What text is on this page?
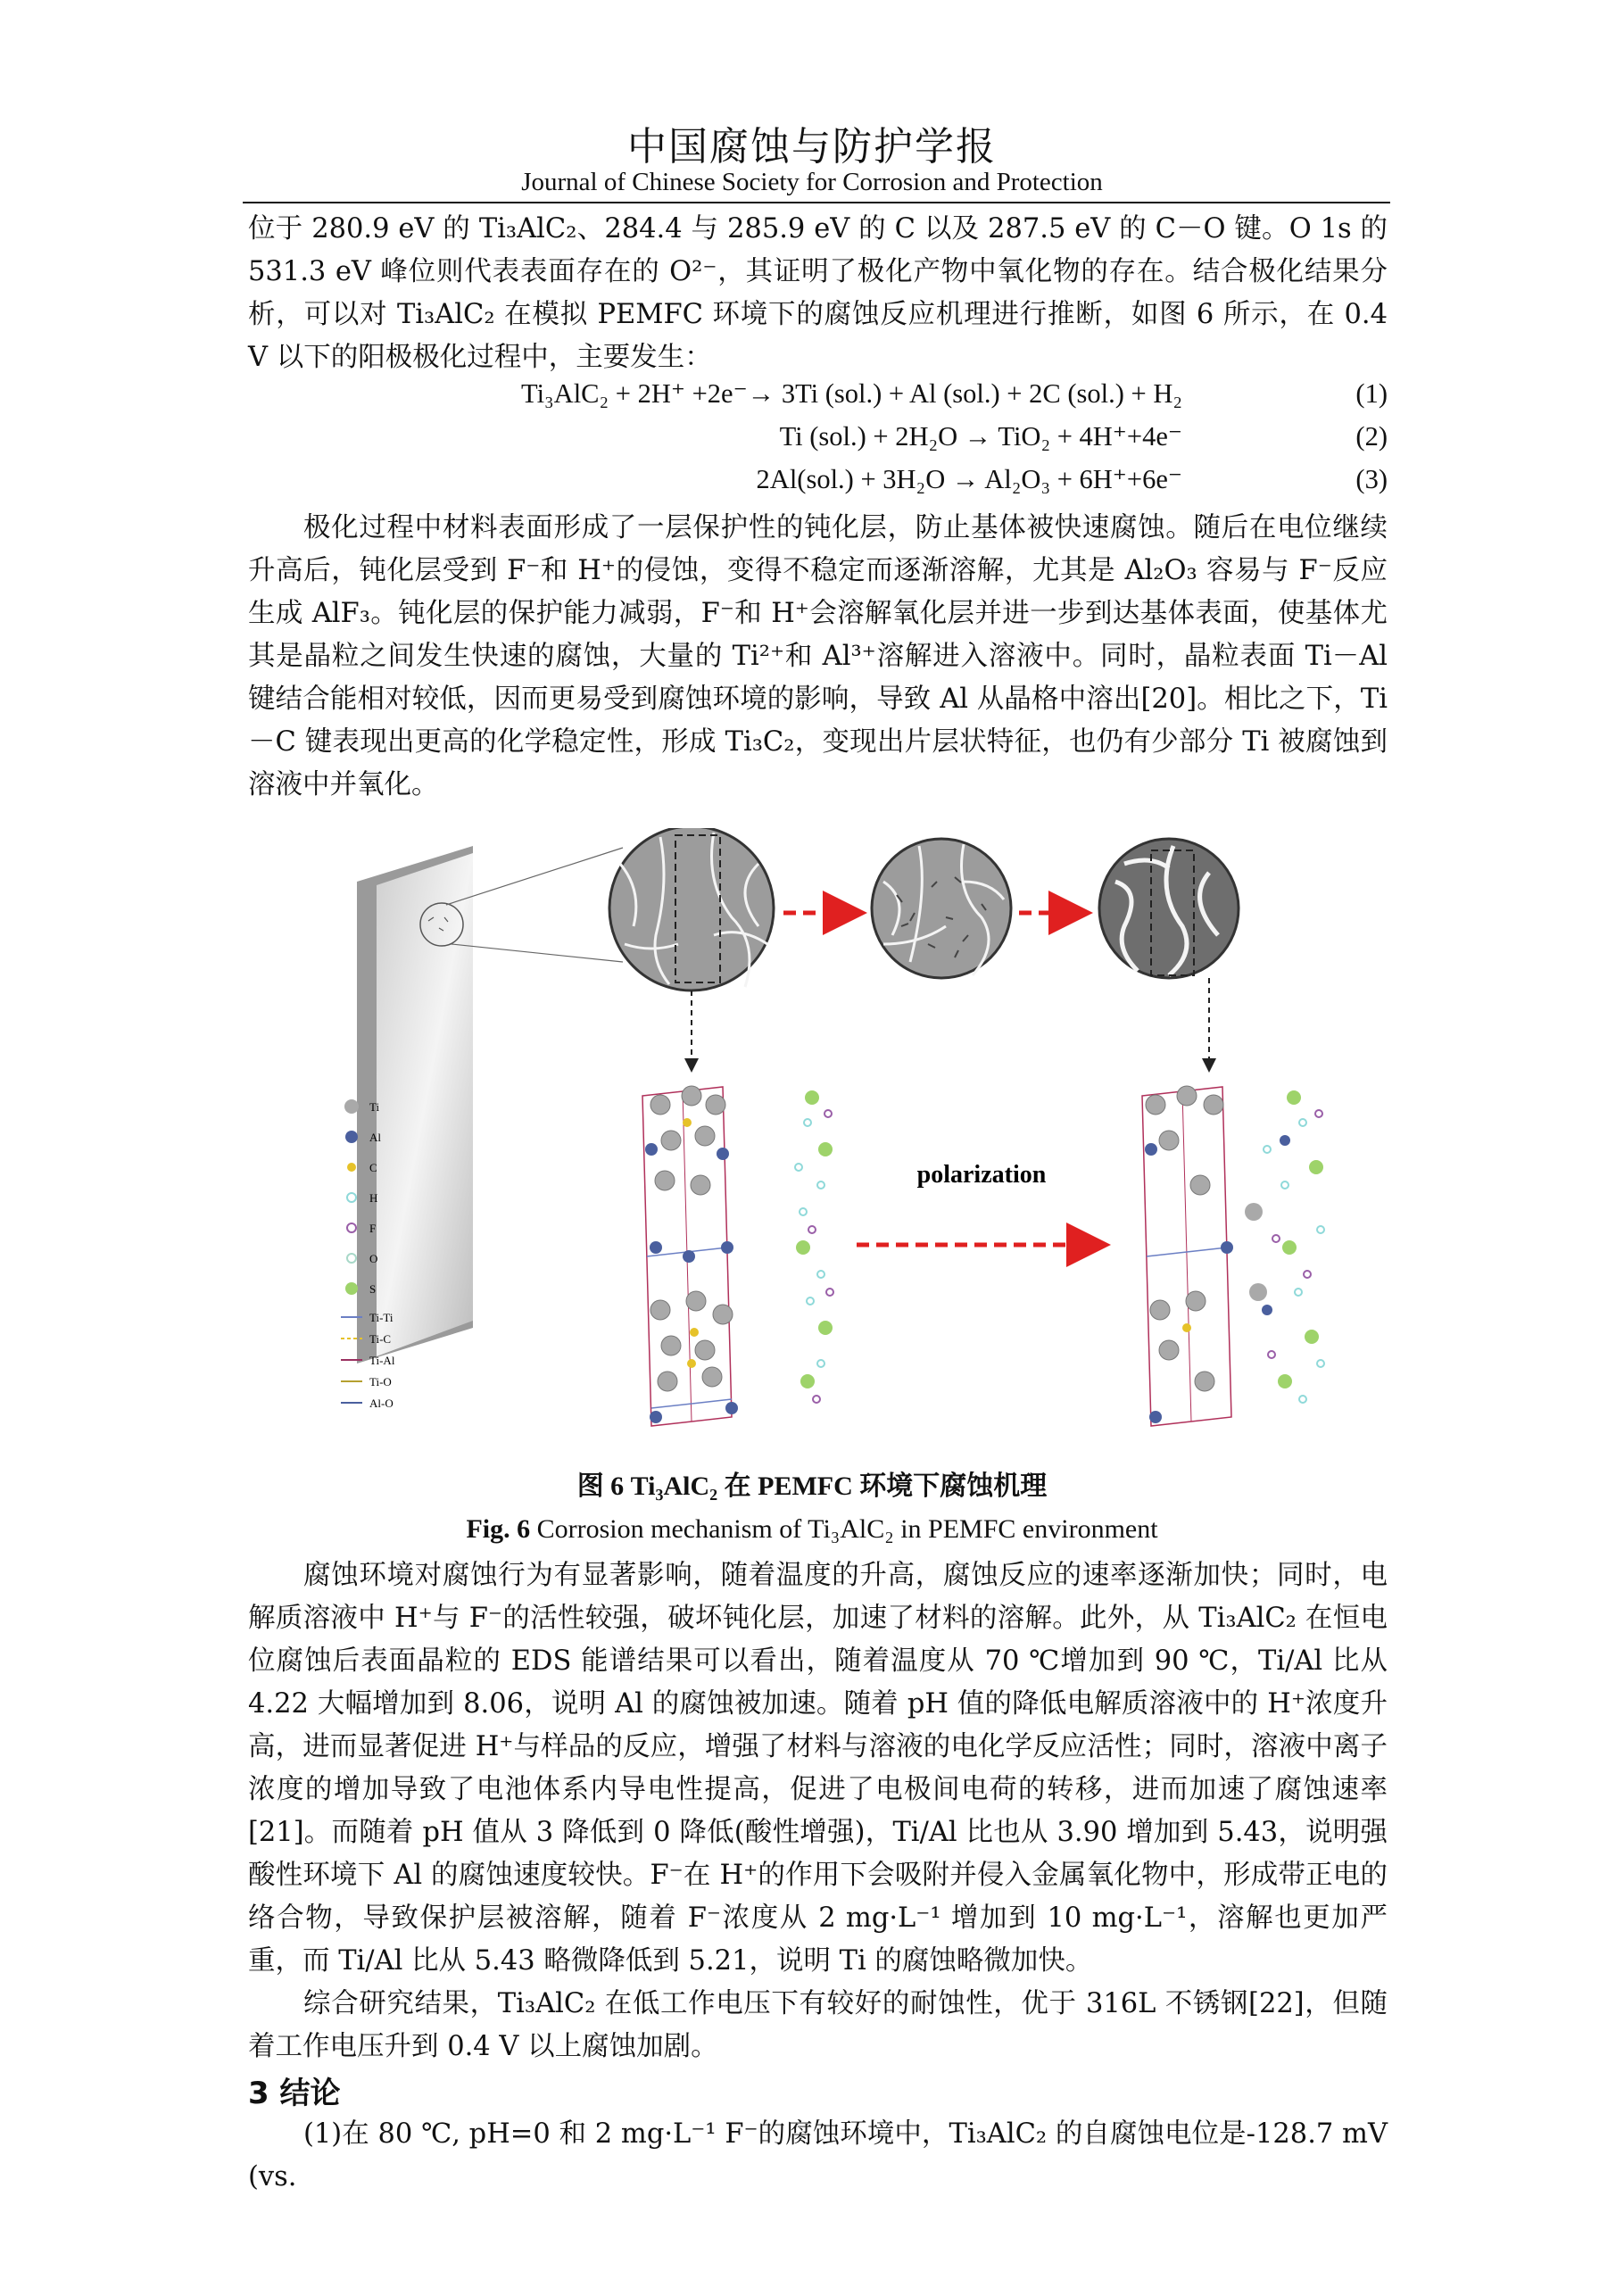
中国腐蚀与防护学报
Journal of Chinese Society for Corrosion and Protection

位于 280.9 eV 的 Ti₃AlC₂、284.4 与 285.9 eV 的 C 以及 287.5 eV 的 C－O 键。O 1s 的 531.3 eV 峰位则代表表面存在的 O²⁻，其证明了极化产物中氧化物的存在。结合极化结果分析，可以对 Ti₃AlC₂ 在模拟 PEMFC 环境下的腐蚀反应机理进行推断，如图 6 所示，在 0.4 V 以下的阳极极化过程中，主要发生：

Ti₃AlC₂ + 2H⁺ +2e⁻→ 3Ti (sol.) + Al (sol.) + 2C (sol.) + H₂	(1)
Ti (sol.) + 2H₂O → TiO₂ + 4H⁺+4e⁻	(2)
2Al(sol.) + 3H₂O → Al₂O₃ + 6H⁺+6e⁻	(3)

极化过程中材料表面形成了一层保护性的钝化层，防止基体被快速腐蚀。随后在电位继续升高后，钝化层受到 F⁻和 H⁺的侵蚀，变得不稳定而逐渐溶解，尤其是 Al₂O₃ 容易与 F⁻反应生成 AlF₃。钝化层的保护能力减弱，F⁻和 H⁺会溶解氧化层并进一步到达基体表面，使基体尤其是晶粒之间发生快速的腐蚀，大量的 Ti²⁺和 Al³⁺溶解进入溶液中。同时，晶粒表面 Ti－Al 键结合能相对较低，因而更易受到腐蚀环境的影响，导致 Al 从晶格中溶出[20]。相比之下，Ti－C 键表现出更高的化学稳定性，形成 Ti₃C₂，变现出片层状特征，也仍有少部分 Ti 被腐蚀到溶液中并氧化。

polarization
Ti
Al
C
H
F
O
S
Ti-Ti
Ti-C
Ti-Al
Ti-O
Al-O
图 6 Ti₃AlC₂ 在 PEMFC 环境下腐蚀机理
Fig. 6 Corrosion mechanism of Ti₃AlC₂ in PEMFC environment

腐蚀环境对腐蚀行为有显著影响，随着温度的升高，腐蚀反应的速率逐渐加快；同时，电解质溶液中 H⁺与 F⁻的活性较强，破坏钝化层，加速了材料的溶解。此外，从 Ti₃AlC₂ 在恒电位腐蚀后表面晶粒的 EDS 能谱结果可以看出，随着温度从 70 ℃增加到 90 ℃，Ti/Al 比从 4.22 大幅增加到 8.06，说明 Al 的腐蚀被加速。随着 pH 值的降低电解质溶液中的 H⁺浓度升高，进而显著促进 H⁺与样品的反应，增强了材料与溶液的电化学反应活性；同时，溶液中离子浓度的增加导致了电池体系内导电性提高，促进了电极间电荷的转移，进而加速了腐蚀速率[21]。而随着 pH 值从 3 降低到 0 降低(酸性增强)，Ti/Al 比也从 3.90 增加到 5.43，说明强酸性环境下 Al 的腐蚀速度较快。F⁻在 H⁺的作用下会吸附并侵入金属氧化物中，形成带正电的络合物，导致保护层被溶解，随着 F⁻浓度从 2 mg·L⁻¹ 增加到 10 mg·L⁻¹，溶解也更加严重，而 Ti/Al 比从 5.43 略微降低到 5.21，说明 Ti 的腐蚀略微加快。

综合研究结果，Ti₃AlC₂ 在低工作电压下有较好的耐蚀性，优于 316L 不锈钢[22]，但随着工作电压升到 0.4 V 以上腐蚀加剧。

3 结论

(1)在 80 ℃, pH=0 和 2 mg·L⁻¹ F⁻的腐蚀环境中，Ti₃AlC₂ 的自腐蚀电位是-128.7 mV (vs.
